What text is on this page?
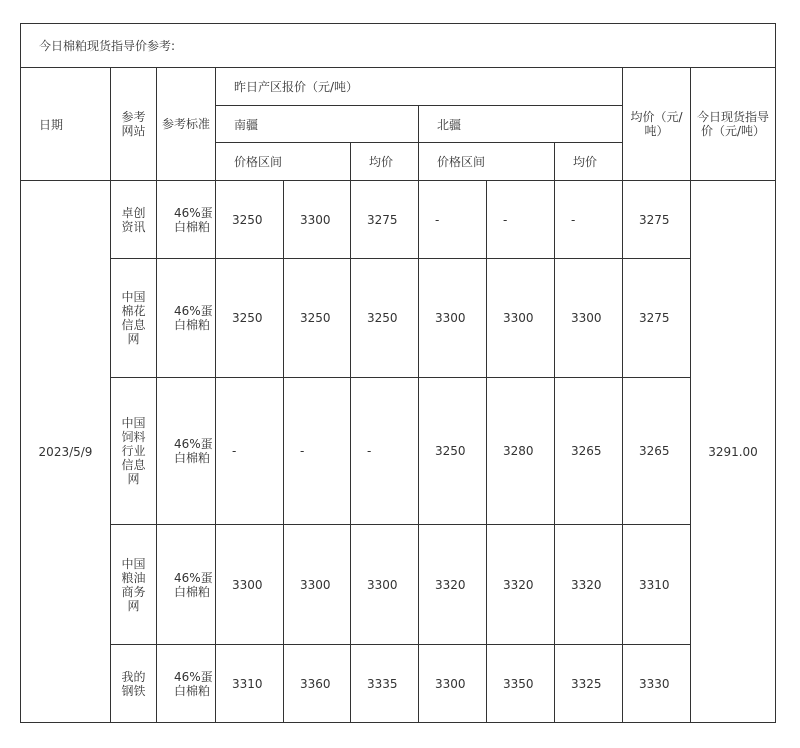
今日棉粕现货指导价参考:										
日期	参考网站	参考标准	昨日产区报价（元/吨）						均价（元/吨）	今日现货指导价（元/吨）
			南疆			北疆				
			价格区间		均价	价格区间		均价		
2023/5/9	卓创资讯	46%蛋白棉粕	3250	3300	3275	-	-	-	3275	3291.00
	中国棉花信息网	46%蛋白棉粕	3250	3250	3250	3300	3300	3300	3275	
	中国饲料行业信息网	46%蛋白棉粕	-	-	-	3250	3280	3265	3265	
	中国粮油商务网	46%蛋白棉粕	3300	3300	3300	3320	3320	3320	3310	
	我的钢铁	46%蛋白棉粕	3310	3360	3335	3300	3350	3325	3330	
